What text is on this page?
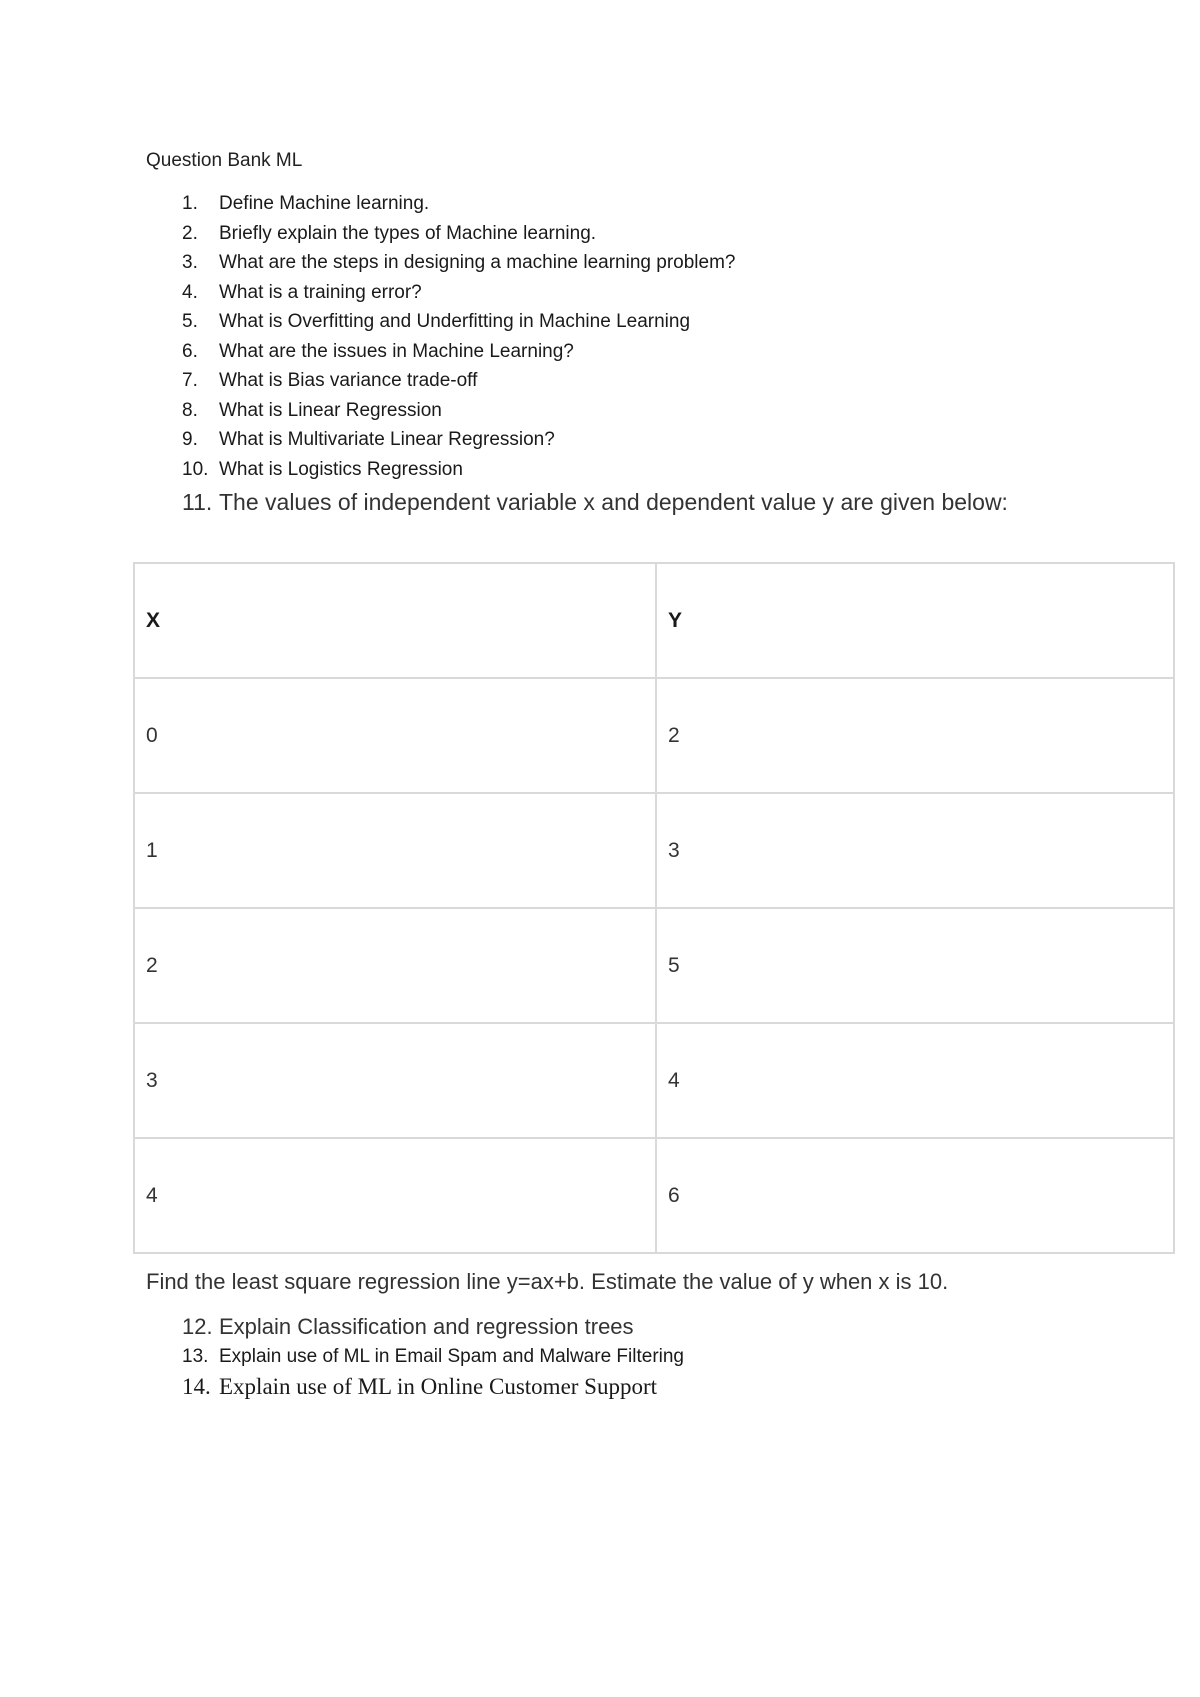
Question Bank ML
1.	Define Machine learning.
2.	Briefly explain the types of Machine learning.
3.	What are the steps in designing a machine learning problem?
4.	What is a training error?
5.	What is Overfitting and Underfitting in Machine Learning
6.	What are the issues in Machine Learning?
7.	What is Bias variance trade-off
8.	What is Linear Regression
9.	What is Multivariate Linear Regression?
10. What is Logistics Regression
11. The values of independent variable x and dependent value y are given below:
X	Y
0	2
1	3
2	5
3	4
4	6
Find the least square regression line y=ax+b. Estimate the value of y when x is 10.
12. Explain Classification and regression trees
13. Explain use of ML in Email Spam and Malware Filtering
14. Explain use of ML in Online Customer Support
